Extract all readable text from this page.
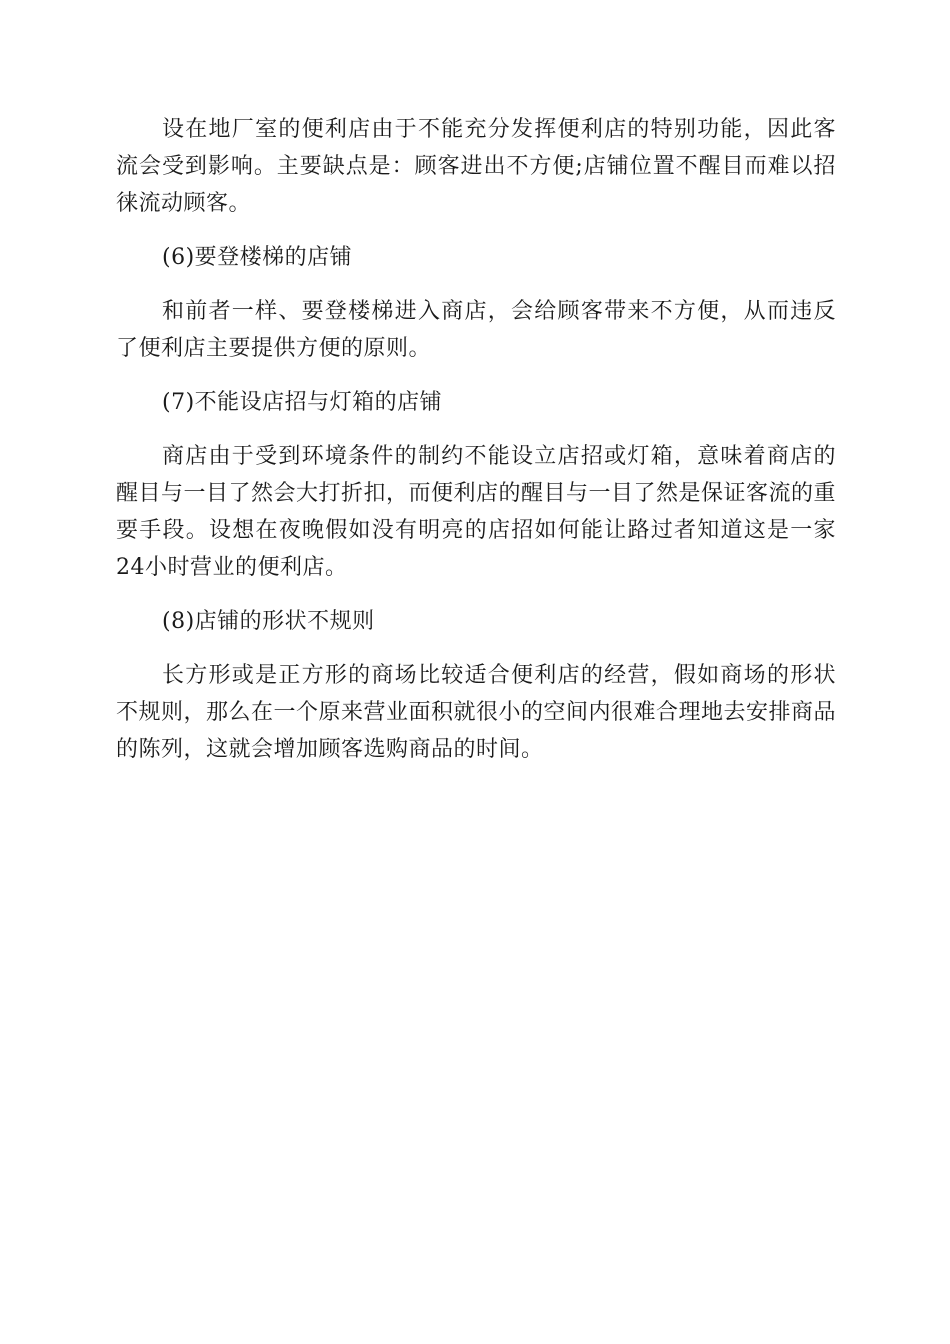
设在地厂室的便利店由于不能充分发挥便利店的特别功能，因此客流会受到影响。主要缺点是：顾客进出不方便;店铺位置不醒目而难以招徕流动顾客。

(6)要登楼梯的店铺

和前者一样、要登楼梯进入商店，会给顾客带来不方便，从而违反了便利店主要提供方便的原则。

(7)不能设店招与灯箱的店铺

商店由于受到环境条件的制约不能设立店招或灯箱，意味着商店的醒目与一目了然会大打折扣，而便利店的醒目与一目了然是保证客流的重要手段。设想在夜晚假如没有明亮的店招如何能让路过者知道这是一家24小时营业的便利店。

(8)店铺的形状不规则

长方形或是正方形的商场比较适合便利店的经营，假如商场的形状不规则，那么在一个原来营业面积就很小的空间内很难合理地去安排商品的陈列，这就会增加顾客选购商品的时间。
